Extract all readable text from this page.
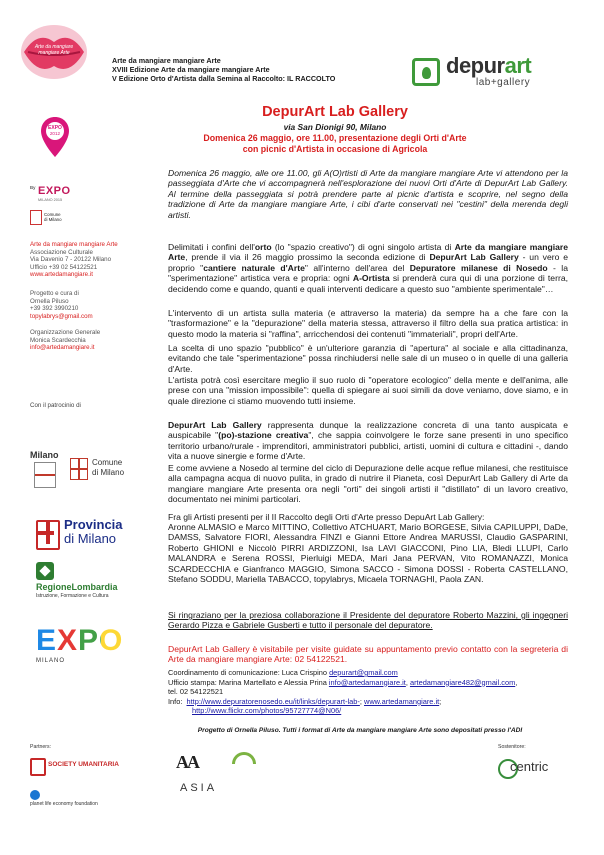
Arte da mangiare mangiare Arte
Arte da mangiare mangiare Arte
XVIII Edizione Arte da mangiare mangiare Arte
V Edizione Orto d'Artista dalla Semina al Raccolto: IL RACCOLTO
depurart
lab+gallery
DepurArt Lab Gallery
via San Dionigi 90, Milano
Domenica 26 maggio, ore 11.00, presentazione degli Orti d'Arte
con picnic d'Artista in occasione di Agricola
EXPO
2012
By EXPO
MILANO 2015
Comune
di Milano
Arte da mangiare mangiare Arte
Associazione Culturale
Via Davenio 7 - 20122 Milano
Ufficio +39 02 54122521
www.artedamangiare.it
Progetto e cura di
Ornella Piluso
+39 392 3990210
topylabrys@gmail.com
Organizzazione Generale
Monica Scardecchia
info@artedamangiare.it
Con il patrocinio di
Milano
Comune
di Milano
Provincia
di Milano
RegioneLombardia
Istruzione, Formazione e Cultura
EXPO
MILANO
Domenica 26 maggio, alle ore 11.00, gli A(O)rtisti di Arte da mangiare mangiare Arte vi attendono per la passeggiata d'Arte che vi accompagnerà nell'esplorazione dei nuovi Orti d'Arte di DepurArt Lab Gallery. Al termine della passeggiata si potrà prendere parte al picnic d'artista e scoprire, nel segno della tradizione di Arte da mangiare mangiare Arte, i cibi d'arte conservati nei "cestini" della merenda degli artisti.
Delimitati i confini dell'orto (lo "spazio creativo") di ogni singolo artista di Arte da mangiare mangiare Arte, prende il via il 26 maggio prossimo la seconda edizione di DepurArt Lab Gallery - un vero e proprio "cantiere naturale d'Arte" all'interno dell'area del Depuratore milanese di Nosedo - la "sperimentazione" artistica vera e propria: ogni A-Ortista si prenderà cura qui di una porzione di terra, decidendo come e quando, quanti e quali interventi dedicare a questo suo "ambiente sperimentale"…
L'intervento di un artista sulla materia (e attraverso la materia) da sempre ha a che fare con la "trasformazione" e la "depurazione" della materia stessa, attraverso il filtro della sua pratica artistica: in questo modo la materia si "raffina", arricchendosi dei contenuti "immateriali", propri dell'Arte.
La scelta di uno spazio "pubblico" è un'ulteriore garanzia di "apertura" al sociale e alla cittadinanza, evitando che tale "sperimentazione" possa rinchiudersi nelle sale di un museo o in quelle di una galleria d'Arte.
L'artista potrà così esercitare meglio il suo ruolo di "operatore ecologico" della mente e dell'anima, alle prese con una "mission impossibile": quella di spiegare ai suoi simili da dove veniamo, dove siamo, e in quale direzione ci stiamo muovendo tutti insieme.
DepurArt Lab Gallery rappresenta dunque la realizzazione concreta di una tanto auspicata e auspicabile "(po)-stazione creativa", che sappia coinvolgere le forze sane presenti in uno specifico territorio urbano/rurale - imprenditori, amministratori pubblici, artisti, uomini di cultura e cittadini -, dando vita a nuove sinergie e forme d'Arte.
E come avviene a Nosedo al termine del ciclo di Depurazione delle acque reflue milanesi, che restituisce alla campagna acqua di nuovo pulita, in grado di nutrire il Pianeta, così DepurArt Lab Gallery di Arte da mangiare mangiare Arte presenta ora negli "orti" dei singoli artisti il "distillato" di un lavoro creativo, documentato nei minimi particolari.
Fra gli Artisti presenti per il II Raccolto degli Orti d'Arte presso DepuArt Lab Gallery:
Aronne ALMASIO e Marco MITTINO, Collettivo ATCHUART, Mario BORGESE, Silvia CAPILUPPI, DaDe, DAMSS, Salvatore FIORI, Alessandra FINZI e Gianni Ettore Andrea MARUSSI, Claudio GASPARINI, Roberto GHIONI e Niccolò PIRRI ARDIZZONI, Isa LAVI GIACCONI, Pino LIA, Bledi LLUPI, Carlo MALANDRA e Serena ROSSI, Pierluigi MEDA, Mari Jana PERVAN, Vito ROMANAZZI, Monica SCARDECCHIA e Gianfranco MAGGIO, Simona SACCO - Simona DOSSI - Roberta CASTELLANO, Stefano SODDU, Mariella TABACCO, topylabrys, Micaela TORNAGHI, Paola ZAN.
Si ringraziano per la preziosa collaborazione il Presidente del depuratore Roberto Mazzini, gli ingegneri Gerardo Pizza e Gabriele Gusberti e tutto il personale del depuratore.
DepurArt Lab Gallery è visitabile per visite guidate su appuntamento previo contatto con la segreteria di Arte da mangiare mangiare Arte: 02 54122521.
Coordinamento di comunicazione: Luca Crispino depurart@gmail.com
Ufficio stampa: Marina Martellato e Alessia Prina info@artedamangiare.it, artedamangiare482@gmail.com,
tel. 02 54122521
Info: http://www.depuratorenosedo.eu/it/links/depurart-lab-; www.artedamangiare.it;
http://www.flickr.com/photos/95727774@N06/
Progetto di Ornella Piluso. Tutti i format di Arte da mangiare mangiare Arte sono depositati presso l'ADI
Partners:	Sostenitore:
SOCIETY UMANITARIA	AA
ASIA
planet life economy foundation
centric
